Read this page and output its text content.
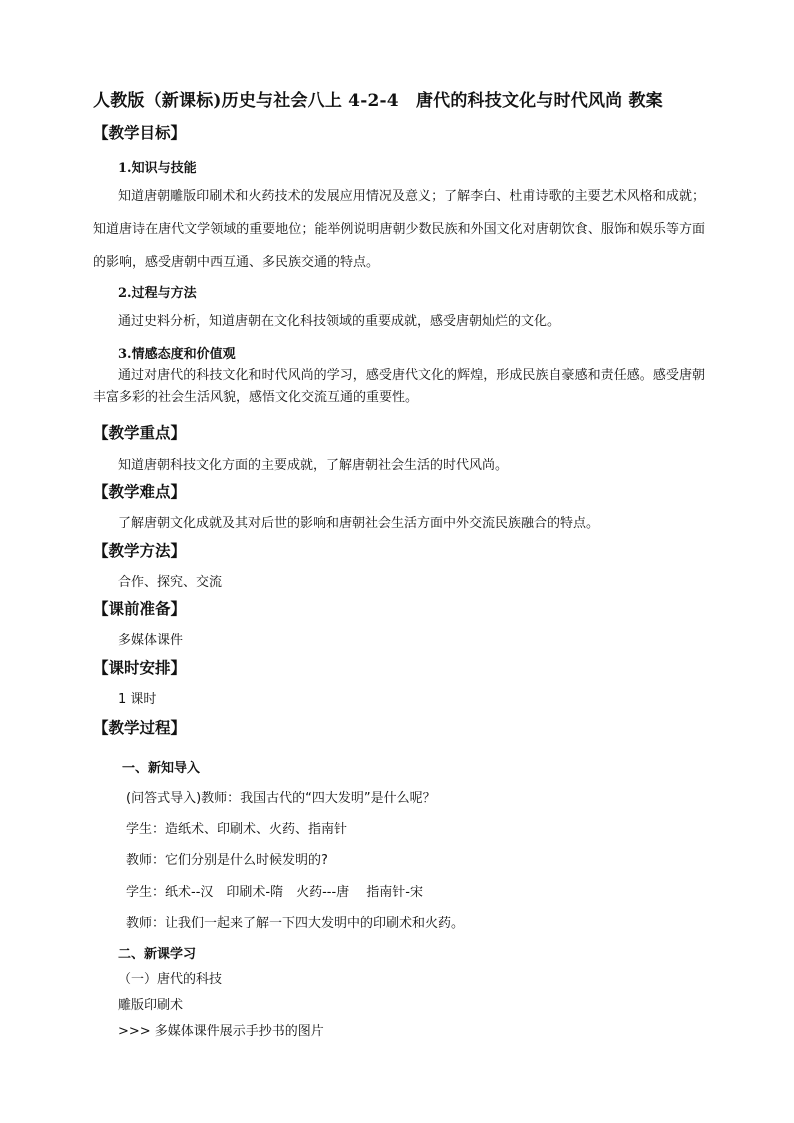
人教版（新课标)历史与社会八上 4-2-4　唐代的科技文化与时代风尚 教案
【教学目标】
1.知识与技能
知道唐朝雕版印刷术和火药技术的发展应用情况及意义；了解李白、杜甫诗歌的主要艺术风格和成就；知道唐诗在唐代文学领域的重要地位；能举例说明唐朝少数民族和外国文化对唐朝饮食、服饰和娱乐等方面的影响，感受唐朝中西互通、多民族交通的特点。
2.过程与方法
通过史料分析，知道唐朝在文化科技领域的重要成就，感受唐朝灿烂的文化。
3.情感态度和价值观
通过对唐代的科技文化和时代风尚的学习，感受唐代文化的辉煌，形成民族自豪感和责任感。感受唐朝丰富多彩的社会生活风貌，感悟文化交流互通的重要性。
【教学重点】
知道唐朝科技文化方面的主要成就，了解唐朝社会生活的时代风尚。
【教学难点】
了解唐朝文化成就及其对后世的影响和唐朝社会生活方面中外交流民族融合的特点。
【教学方法】
合作、探究、交流
【课前准备】
多媒体课件
【课时安排】
1 课时
【教学过程】
一、新知导入
(问答式导入)教师：我国古代的“四大发明”是什么呢？
学生：造纸术、印刷术、火药、指南针
教师：它们分别是什么时候发明的?
学生：纸术--汉　印刷术-隋　火药---唐　 指南针-宋
教师：让我们一起来了解一下四大发明中的印刷术和火药。
二、新课学习
（一）唐代的科技
雕版印刷术
>>> 多媒体课件展示手抄书的图片
